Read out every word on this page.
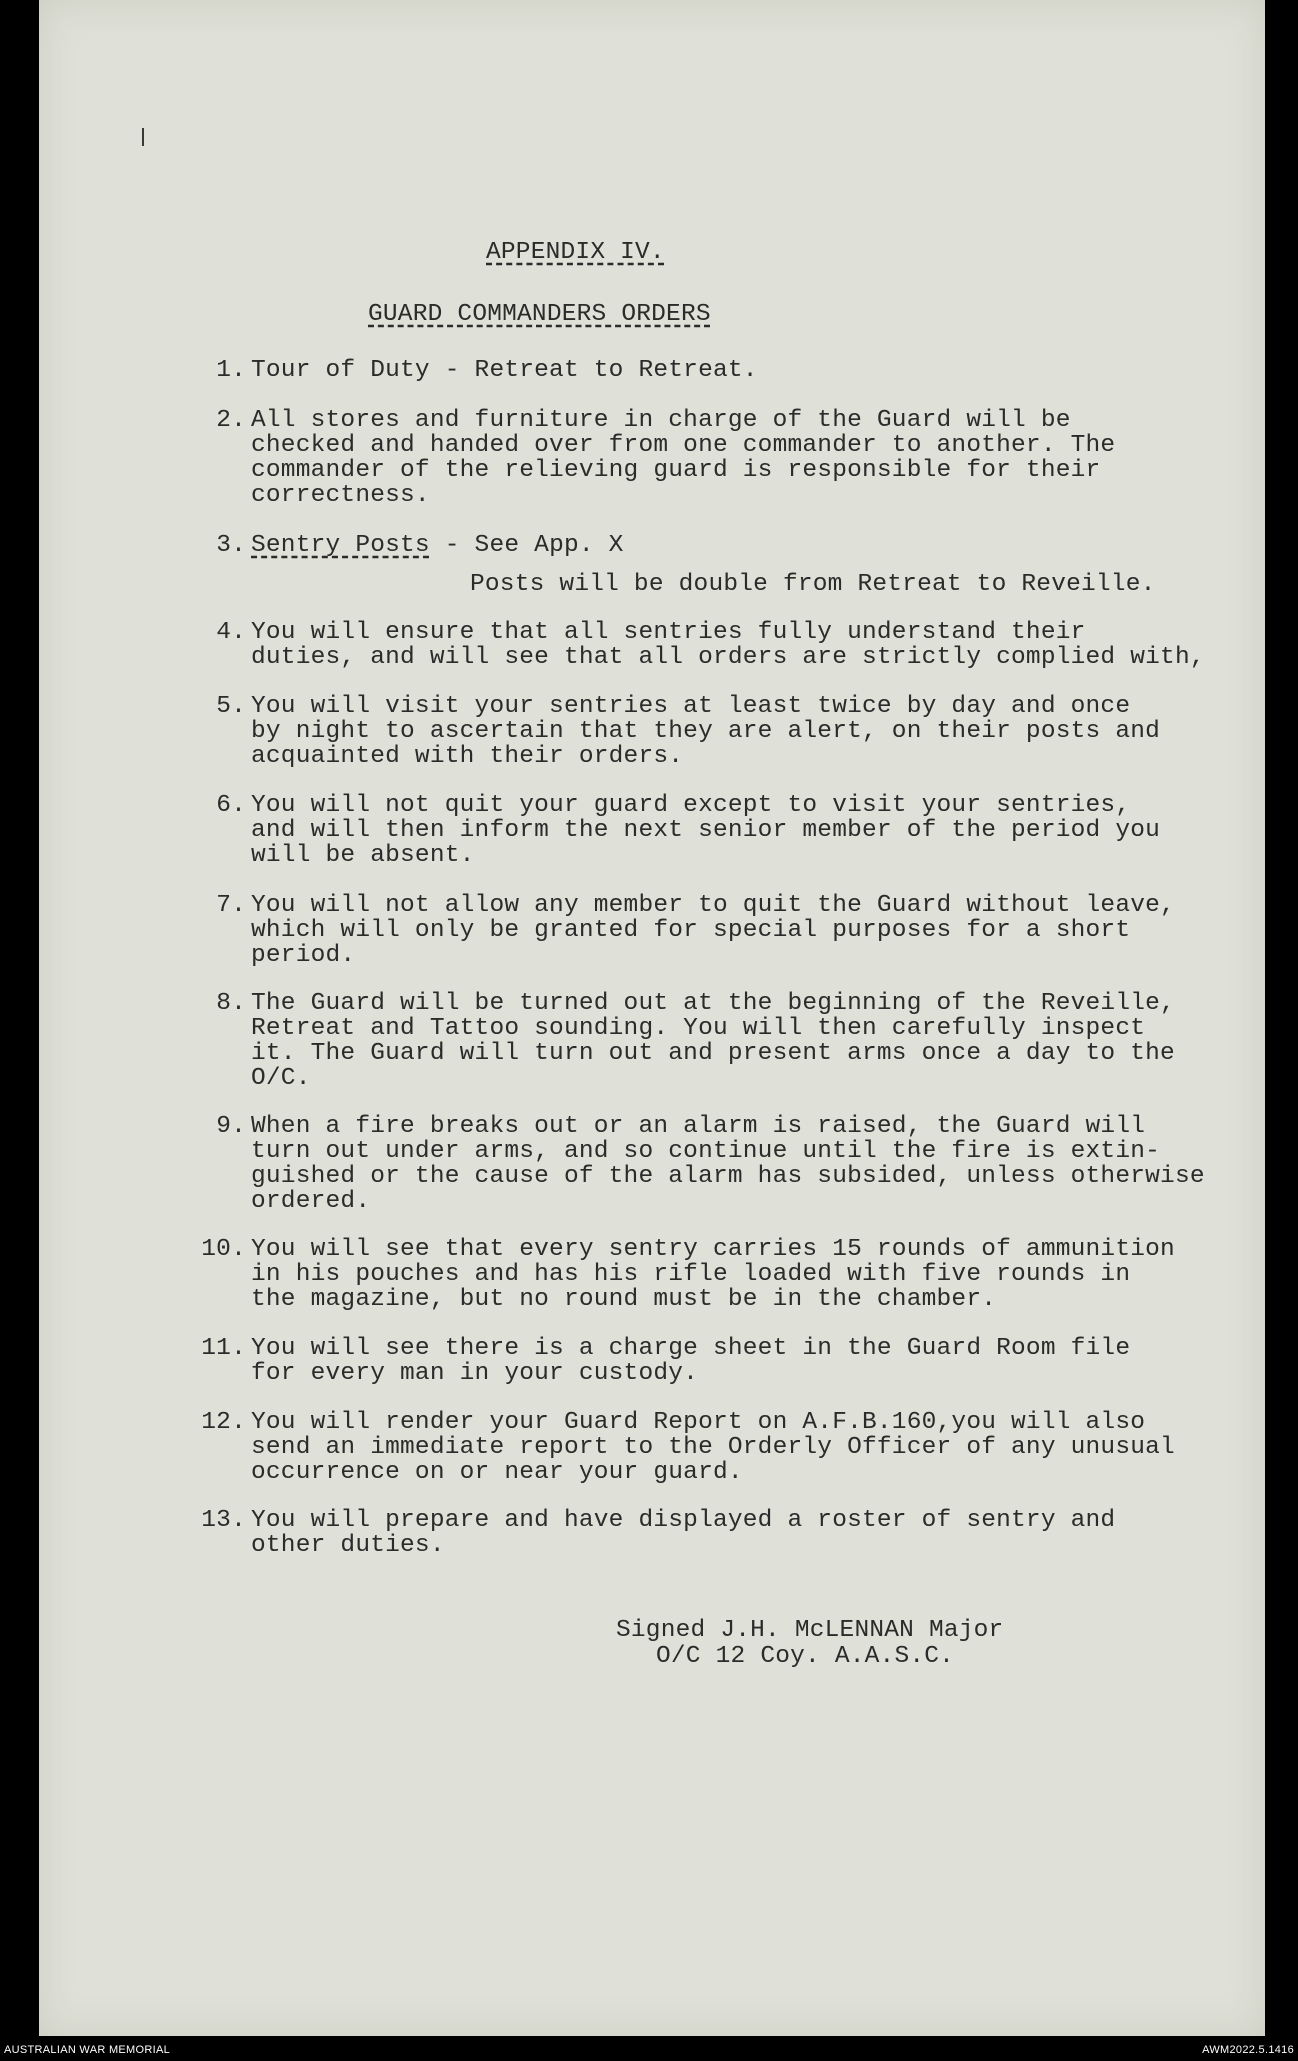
APPENDIX IV.
GUARD COMMANDERS ORDERS
1. Tour of Duty - Retreat to Retreat.
2. All stores and furniture in charge of the Guard will be
checked and handed over from one commander to another. The
commander of the relieving guard is responsible for their
correctness.
3. Sentry Posts - See App. X
Posts will be double from Retreat to Reveille.
4. You will ensure that all sentries fully understand their
duties, and will see that all orders are strictly complied with,
5. You will visit your sentries at least twice by day and once
by night to ascertain that they are alert, on their posts and
acquainted with their orders.
6. You will not quit your guard except to visit your sentries,
and will then inform the next senior member of the period you
will be absent.
7. You will not allow any member to quit the Guard without leave,
which will only be granted for special purposes for a short
period.
8. The Guard will be turned out at the beginning of the Reveille,
Retreat and Tattoo sounding. You will then carefully inspect
it. The Guard will turn out and present arms once a day to the
O/C.
9. When a fire breaks out or an alarm is raised, the Guard will
turn out under arms, and so continue until the fire is extin-
guished or the cause of the alarm has subsided, unless otherwise
ordered.
10. You will see that every sentry carries 15 rounds of ammunition
in his pouches and has his rifle loaded with five rounds in
the magazine, but no round must be in the chamber.
11. You will see there is a charge sheet in the Guard Room file
for every man in your custody.
12. You will render your Guard Report on A.F.B.160,you will also
send an immediate report to the Orderly Officer of any unusual
occurrence on or near your guard.
13. You will prepare and have displayed a roster of sentry and
other duties.
Signed J.H. McLENNAN Major
O/C 12 Coy. A.A.S.C.
AUSTRALIAN WAR MEMORIAL	AWM2022.5.1416
